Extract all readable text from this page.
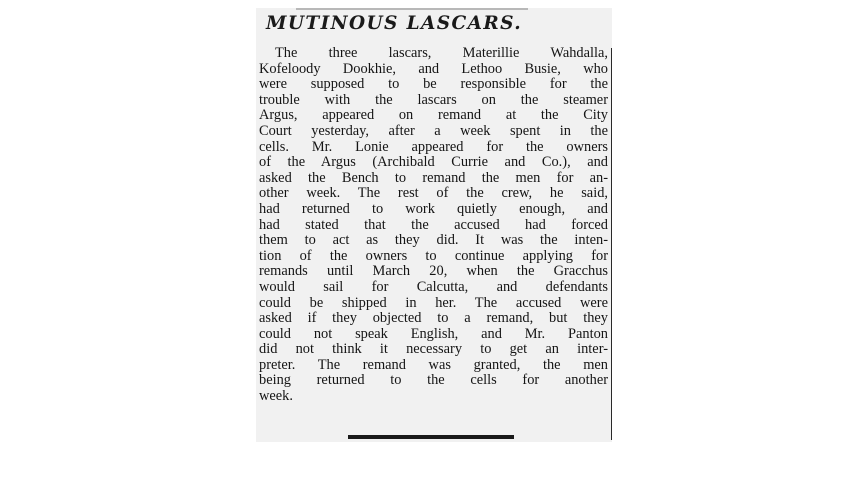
MUTINOUS LASCARS.
The three lascars, Materillie Wahdalla,
Kofeloody Dookhie, and Lethoo Busie, who
were supposed to be responsible for the
trouble with the lascars on the steamer
Argus, appeared on remand at the City
Court yesterday, after a week spent in the
cells. Mr. Lonie appeared for the owners
of the Argus (Archibald Currie and Co.), and
asked the Bench to remand the men for an-
other week. The rest of the crew, he said,
had returned to work quietly enough, and
had stated that the accused had forced
them to act as they did. It was the inten-
tion of the owners to continue applying for
remands until March 20, when the Gracchus
would sail for Calcutta, and defendants
could be shipped in her. The accused were
asked if they objected to a remand, but they
could not speak English, and Mr. Panton
did not think it necessary to get an inter-
preter. The remand was granted, the men
being returned to the cells for another
week.
